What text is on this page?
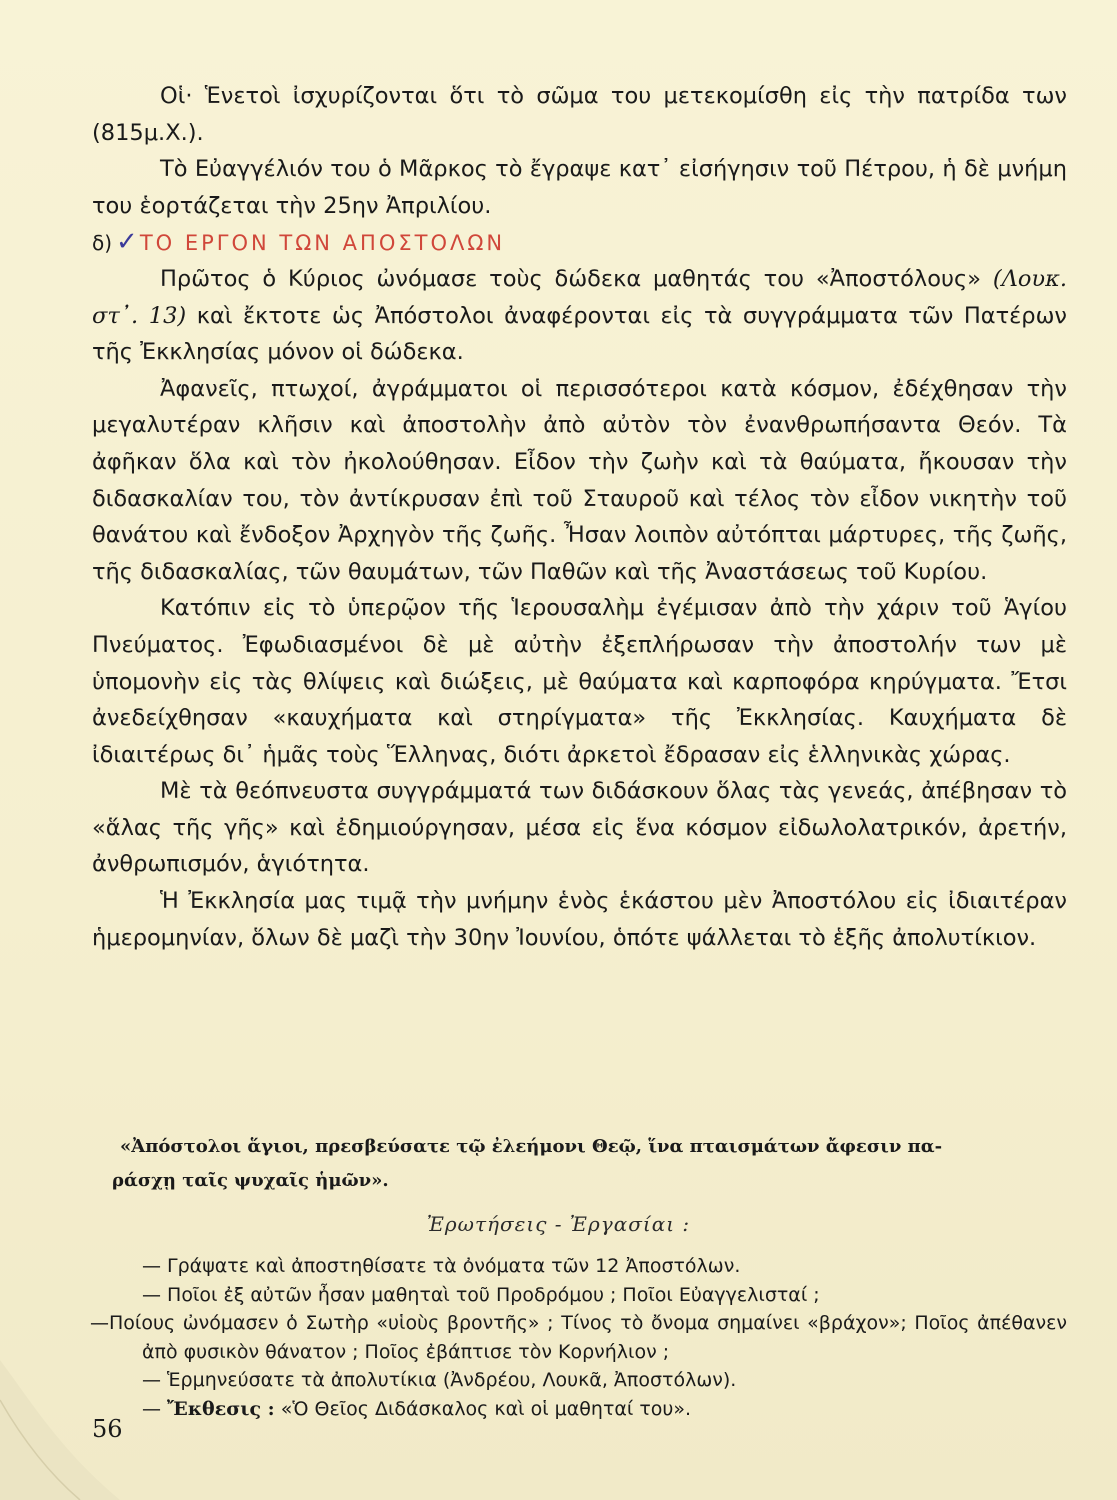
Οἱ· Ἑνετοὶ ἰσχυρίζονται ὅτι τὸ σῶμα του μετεκομίσθη εἰς τὴν πατρίδα των (815μ.Χ.).

Τὸ Εὐαγγέλιόν του ὁ Μᾶρκος τὸ ἔγραψε κατ᾽ εἰσήγησιν τοῦ Πέτρου, ἡ δὲ μνήμη του ἑορτάζεται τὴν 25ην Ἀπριλίου.

δ) ✓ ΤΟ ΕΡΓΟΝ ΤΩΝ ΑΠΟΣΤΟΛΩΝ

Πρῶτος ὁ Κύριος ὠνόμασε τοὺς δώδεκα μαθητάς του «Ἀποστόλους» (Λουκ. στ᾽. 13) καὶ ἔκτοτε ὡς Ἀπόστολοι ἀναφέρονται εἰς τὰ συγγράμματα τῶν Πατέρων τῆς Ἐκκλησίας μόνον οἱ δώδεκα.

Ἀφανεῖς, πτωχοί, ἀγράμματοι οἱ περισσότεροι κατὰ κόσμον, ἐδέχθησαν τὴν μεγαλυτέραν κλῆσιν καὶ ἀποστολὴν ἀπὸ αὐτὸν τὸν ἐνανθρωπήσαντα Θεόν. Τὰ ἀφῆκαν ὅλα καὶ τὸν ἠκολούθησαν. Εἶδον τὴν ζωὴν καὶ τὰ θαύματα, ἤκουσαν τὴν διδασκαλίαν του, τὸν ἀντίκρυσαν ἐπὶ τοῦ Σταυροῦ καὶ τέλος τὸν εἶδον νικητὴν τοῦ θανάτου καὶ ἔνδοξον Ἀρχηγὸν τῆς ζωῆς. Ἦσαν λοιπὸν αὐτόπται μάρτυρες, τῆς ζωῆς, τῆς διδασκαλίας, τῶν θαυμάτων, τῶν Παθῶν καὶ τῆς Ἀναστάσεως τοῦ Κυρίου.

Κατόπιν εἰς τὸ ὑπερῷον τῆς Ἱερουσαλὴμ ἐγέμισαν ἀπὸ τὴν χάριν τοῦ Ἁγίου Πνεύματος. Ἐφωδιασμένοι δὲ μὲ αὐτὴν ἐξεπλήρωσαν τὴν ἀποστολήν των μὲ ὑπομονὴν εἰς τὰς θλίψεις καὶ διώξεις, μὲ θαύματα καὶ καρποφόρα κηρύγματα. Ἔτσι ἀνεδείχθησαν «καυχήματα καὶ στηρίγματα» τῆς Ἐκκλησίας. Καυχήματα δὲ ἰδιαιτέρως δι᾽ ἡμᾶς τοὺς Ἕλληνας, διότι ἀρκετοὶ ἔδρασαν εἰς ἑλληνικὰς χώρας.

Μὲ τὰ θεόπνευστα συγγράμματά των διδάσκουν ὅλας τὰς γενεάς, ἀπέβησαν τὸ «ἅλας τῆς γῆς» καὶ ἐδημιούργησαν, μέσα εἰς ἕνα κόσμον εἰδωλολατρικόν, ἀρετήν, ἀνθρωπισμόν, ἁγιότητα.

Ἡ Ἐκκλησία μας τιμᾷ τὴν μνήμην ἑνὸς ἑκάστου μὲν Ἀποστόλου εἰς ἰδιαιτέραν ἡμερομηνίαν, ὅλων δὲ μαζὶ τὴν 30ην Ἰουνίου, ὁπότε ψάλλεται τὸ ἑξῆς ἀπολυτίκιον.

«Ἀπόστολοι ἅγιοι, πρεσβεύσατε τῷ ἐλεήμονι Θεῷ, ἵνα πταισμάτων ἄφεσιν πα-
ράσχῃ ταῖς ψυχαῖς ἡμῶν».
Ἐρωτήσεις - Ἐργασίαι :
— Γράψατε καὶ ἀποστηθίσατε τὰ ὀνόματα τῶν 12 Ἀποστόλων.
— Ποῖοι ἐξ αὐτῶν ἦσαν μαθηταὶ τοῦ Προδρόμου ; Ποῖοι Εὐαγγελισταί ;
—Ποίους ὠνόμασεν ὁ Σωτὴρ «υἱοὺς βροντῆς» ; Τίνος τὸ ὄνομα σημαίνει «βράχον»; Ποῖος ἀπέθανεν ἀπὸ φυσικὸν θάνατον ; Ποῖος ἐβάπτισε τὸν Κορνήλιον ;
— Ἑρμηνεύσατε τὰ ἀπολυτίκια (Ἀνδρέου, Λουκᾶ, Ἀποστόλων).
— Ἔκθεσις : «Ὁ Θεῖος Διδάσκαλος καὶ οἱ μαθηταί του».
56
